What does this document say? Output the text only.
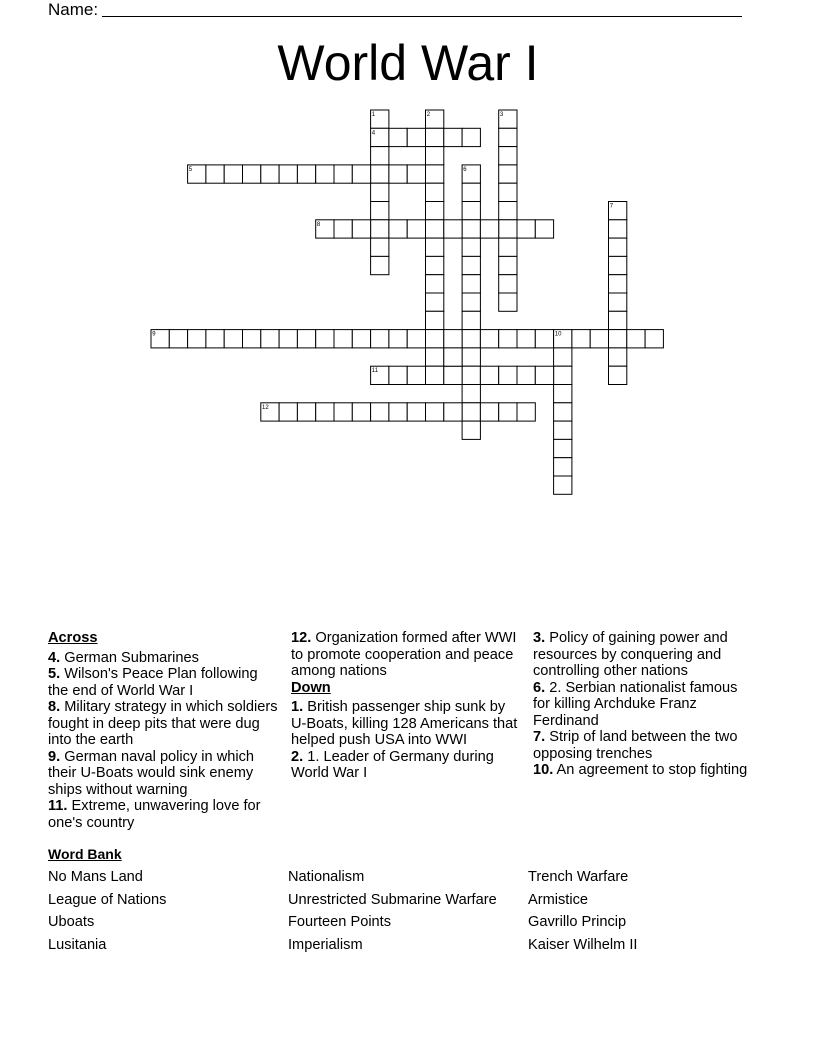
Name:
World War I
1
4
2	3
5	6
7
8
9	10
11
12
Across
4. German Submarines
5. Wilson's Peace Plan following the end of World War I
8. Military strategy in which soldiers fought in deep pits that were dug into the earth
9. German naval policy in which their U-Boats would sink enemy ships without warning
11. Extreme, unwavering love for one's country
12. Organization formed after WWI to promote cooperation and peace among nations
Down
1. British passenger ship sunk by U-Boats, killing 128 Americans that helped push USA into WWI
2. 1. Leader of Germany during World War I
3. Policy of gaining power and resources by conquering and controlling other nations
6. 2. Serbian nationalist famous for killing Archduke Franz Ferdinand
7. Strip of land between the two opposing trenches
10. An agreement to stop fighting
Word Bank
No Mans Land	Nationalism	Trench Warfare
League of Nations	Unrestricted Submarine Warfare	Armistice
Uboats	Fourteen Points	Gavrillo Princip
Lusitania	Imperialism	Kaiser Wilhelm II
